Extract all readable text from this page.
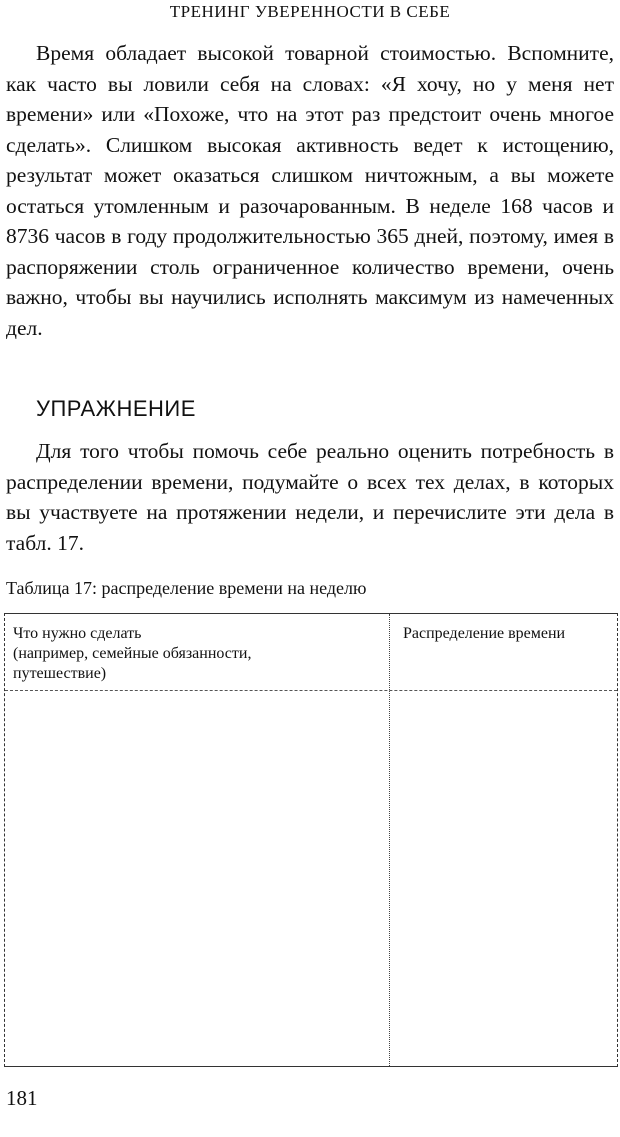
ТРЕНИНГ УВЕРЕННОСТИ В СЕБЕ

Время обладает высокой товарной стоимостью. Вспомните, как часто вы ловили себя на словах: «Я хочу, но у меня нет времени» или «Похоже, что на этот раз предстоит очень многое сделать». Слишком высокая активность ведет к истощению, результат может оказаться слишком ничтожным, а вы можете остаться утомленным и разочарованным. В неделе 168 часов и 8736 часов в году продолжительностью 365 дней, поэтому, имея в распоряжении столь ограниченное количество времени, очень важно, чтобы вы научились исполнять максимум из намеченных дел.

УПРАЖНЕНИЕ

Для того чтобы помочь себе реально оценить потребность в распределении времени, подумайте о всех тех делах, в которых вы участвуете на протяжении недели, и перечислите эти дела в табл. 17.

Таблица 17: распределение времени на неделю

Что нужно сделать
(например, семейные обязанности,
путешествие)

Распределение времени

181
